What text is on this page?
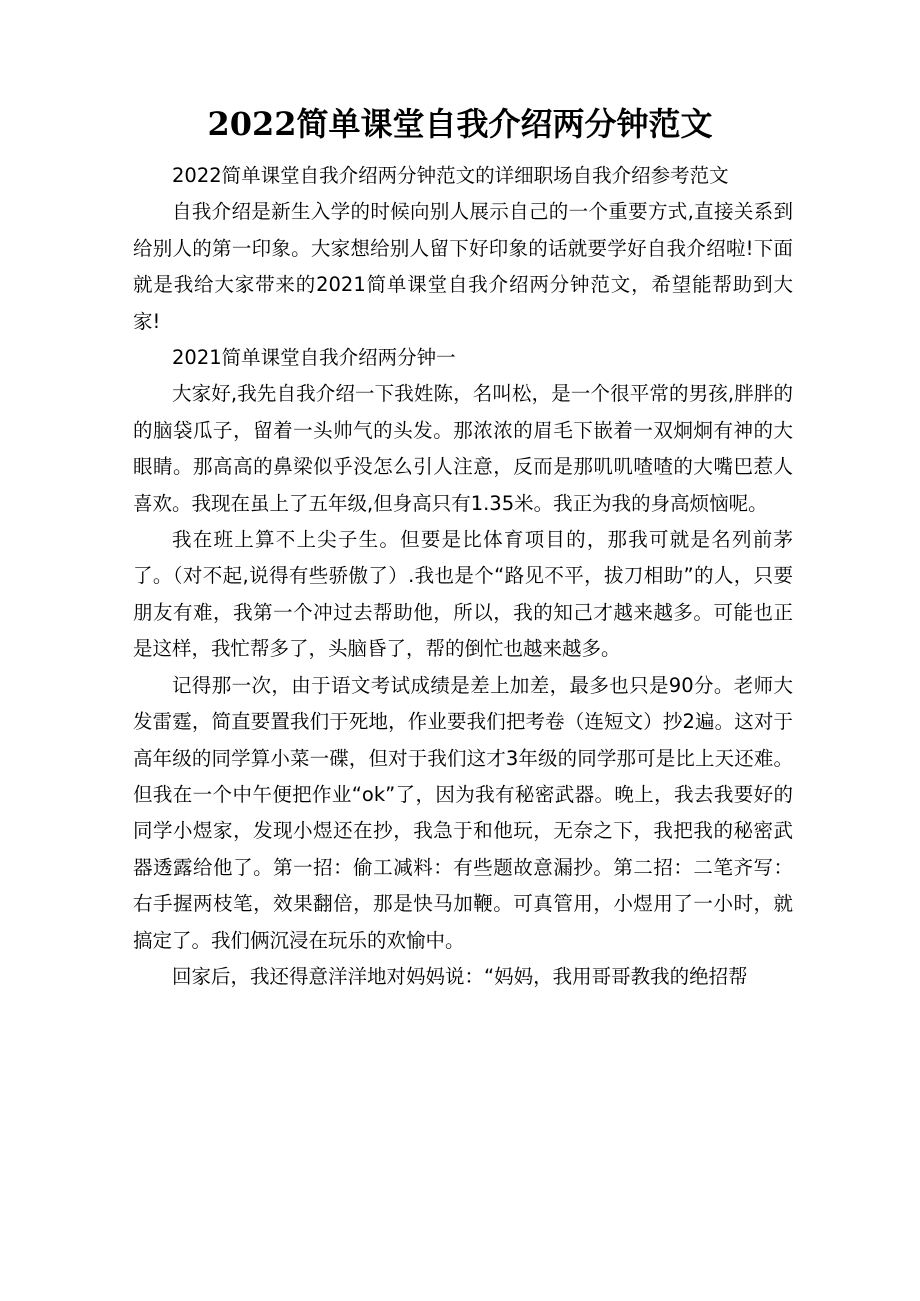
2022简单课堂自我介绍两分钟范文

2022简单课堂自我介绍两分钟范文的详细职场自我介绍参考范文

自我介绍是新生入学的时候向别人展示自己的一个重要方式,直接关系到给别人的第一印象。大家想给别人留下好印象的话就要学好自我介绍啦!下面就是我给大家带来的2021简单课堂自我介绍两分钟范文，希望能帮助到大家!

2021简单课堂自我介绍两分钟一

大家好,我先自我介绍一下我姓陈，名叫松，是一个很平常的男孩,胖胖的的脑袋瓜子，留着一头帅气的头发。那浓浓的眉毛下嵌着一双炯炯有神的大眼睛。那高高的鼻梁似乎没怎么引人注意，反而是那叽叽喳喳的大嘴巴惹人喜欢。我现在虽上了五年级,但身高只有1.35米。我正为我的身高烦恼呢。

我在班上算不上尖子生。但要是比体育项目的，那我可就是名列前茅了。（对不起,说得有些骄傲了）.我也是个“路见不平，拔刀相助”的人，只要朋友有难，我第一个冲过去帮助他，所以，我的知己才越来越多。可能也正是这样，我忙帮多了，头脑昏了，帮的倒忙也越来越多。

记得那一次，由于语文考试成绩是差上加差，最多也只是90分。老师大发雷霆，简直要置我们于死地，作业要我们把考卷（连短文）抄2遍。这对于高年级的同学算小菜一碟，但对于我们这才3年级的同学那可是比上天还难。但我在一个中午便把作业“ok”了，因为我有秘密武器。晚上，我去我要好的同学小煜家，发现小煜还在抄，我急于和他玩，无奈之下，我把我的秘密武器透露给他了。第一招：偷工减料：有些题故意漏抄。第二招：二笔齐写：右手握两枝笔，效果翻倍，那是快马加鞭。可真管用，小煜用了一小时，就搞定了。我们俩沉浸在玩乐的欢愉中。

回家后，我还得意洋洋地对妈妈说：“妈妈，我用哥哥教我的绝招帮
